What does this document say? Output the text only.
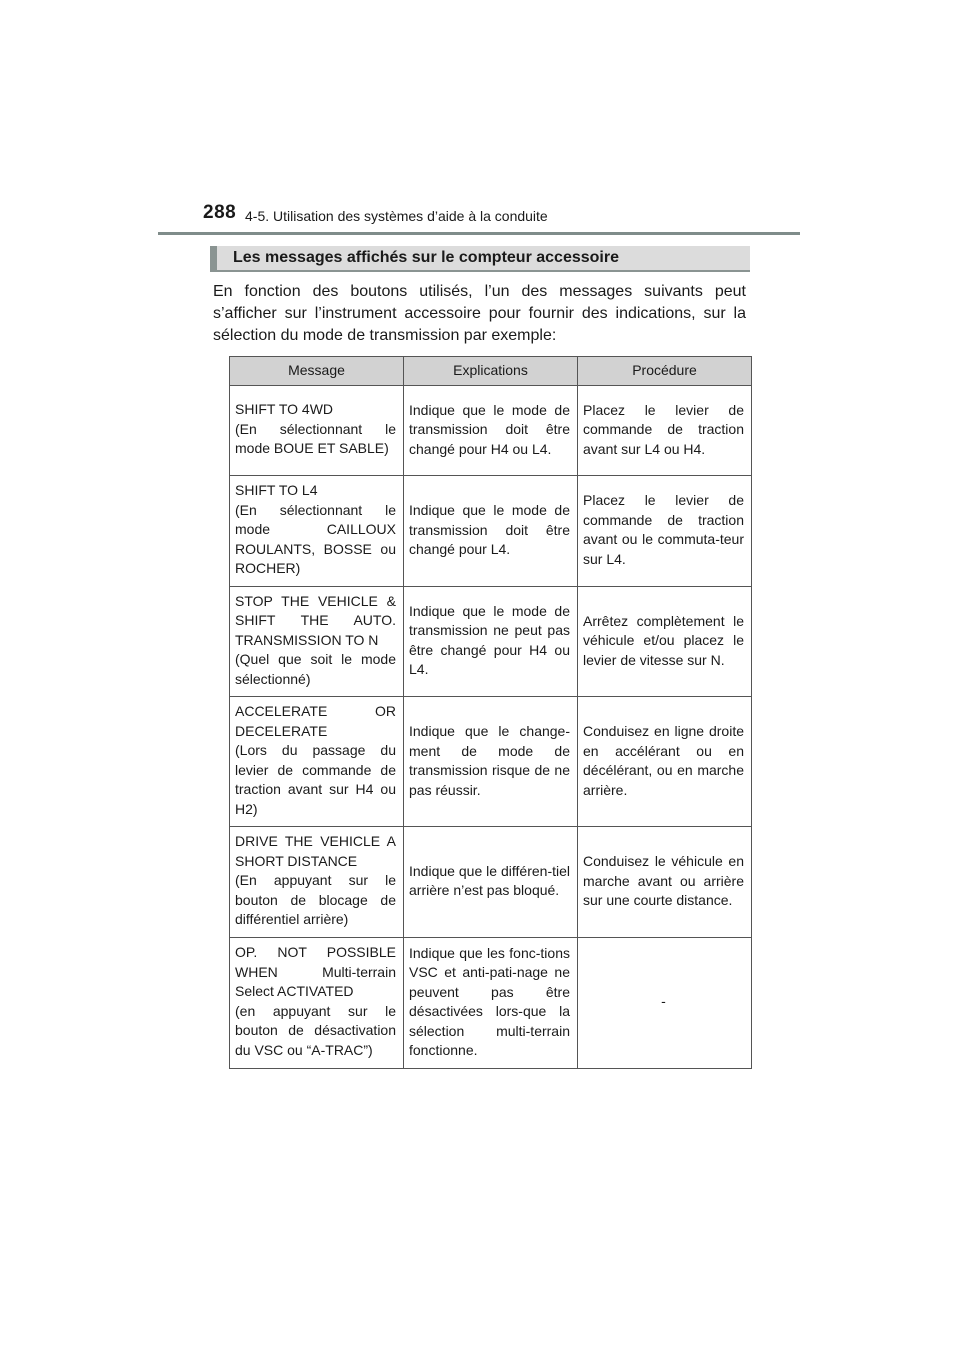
288 4-5. Utilisation des systèmes d’aide à la conduite
Les messages affichés sur le compteur accessoire

En fonction des boutons utilisés, l’un des messages suivants peut s’afficher sur l’instrument accessoire pour fournir des indications, sur la sélection du mode de transmission par exemple:

Message	Explications	Procédure

SHIFT TO 4WD
(En sélectionnant le mode BOUE ET SABLE)	Indique que le mode de transmission doit être changé pour H4 ou L4.	Placez le levier de commande de traction avant sur L4 ou H4.

SHIFT TO L4
(En sélectionnant le mode CAILLOUX ROULANTS, BOSSE ou ROCHER)	Indique que le mode de transmission doit être changé pour L4.	Placez le levier de commande de traction avant ou le commuta-teur sur L4.

STOP THE VEHICLE & SHIFT THE AUTO. TRANSMISSION TO N
(Quel que soit le mode sélectionné)	Indique que le mode de transmission ne peut pas être changé pour H4 ou L4.	Arrêtez complètement le véhicule et/ou placez le levier de vitesse sur N.

ACCELERATE OR DECELERATE
(Lors du passage du levier de commande de traction avant sur H4 ou H2)	Indique que le change-ment de mode de transmission risque de ne pas réussir.	Conduisez en ligne droite en accélérant ou en décélérant, ou en marche arrière.

DRIVE THE VEHICLE A SHORT DISTANCE
(En appuyant sur le bouton de blocage de différentiel arrière)	Indique que le différen-tiel arrière n’est pas bloqué.	Conduisez le véhicule en marche avant ou arrière sur une courte distance.

OP. NOT POSSIBLE WHEN Multi-terrain Select ACTIVATED
(en appuyant sur le bouton de désactivation du VSC ou “A-TRAC”)	Indique que les fonc-tions VSC et anti-pati-nage ne peuvent pas être désactivées lors-que la sélection multi-terrain fonctionne.	-
